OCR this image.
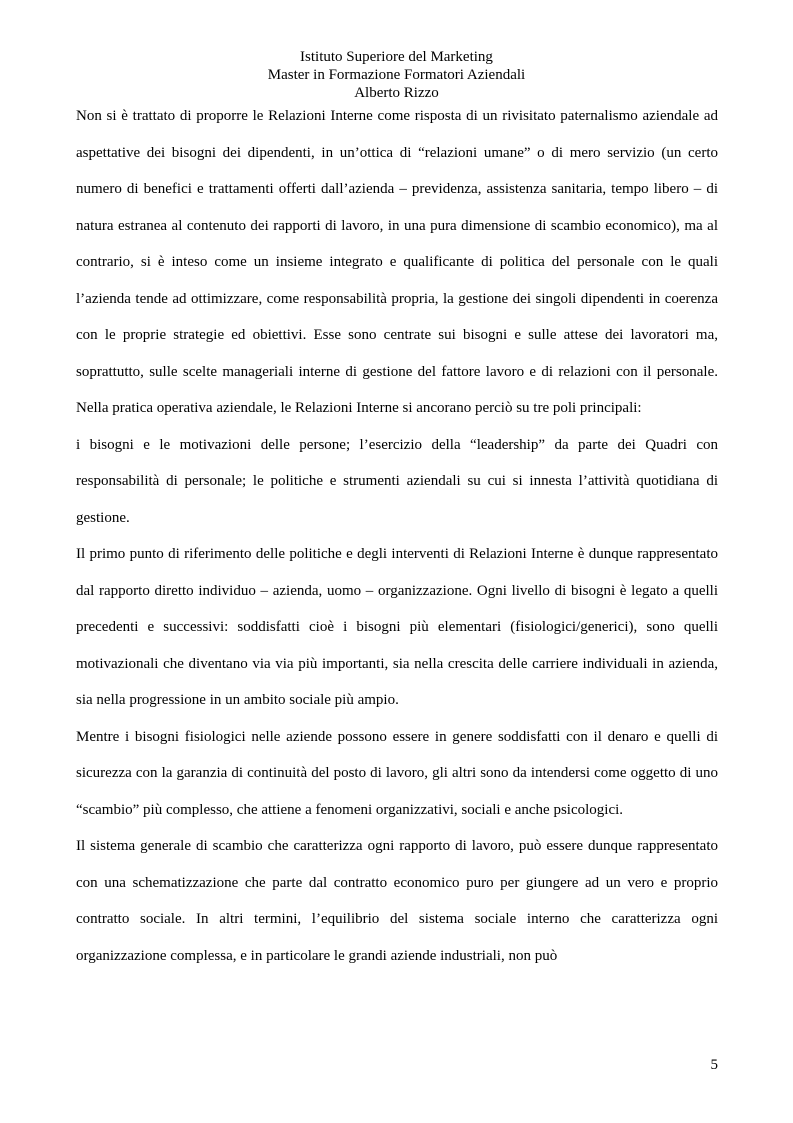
Istituto Superiore del Marketing
Master in Formazione Formatori Aziendali
Alberto Rizzo

Non si è trattato di proporre le Relazioni Interne come risposta di un rivisitato paternalismo aziendale ad aspettative dei bisogni dei dipendenti, in un’ottica di “relazioni umane” o di mero servizio (un certo numero di benefici e trattamenti offerti dall’azienda – previdenza, assistenza sanitaria, tempo libero – di natura estranea al contenuto dei rapporti di lavoro, in una pura dimensione di scambio economico), ma al contrario, si è inteso come un insieme integrato e qualificante di politica del personale con le quali l’azienda tende ad ottimizzare, come responsabilità propria, la gestione dei singoli dipendenti in coerenza con le proprie strategie ed obiettivi. Esse sono centrate sui bisogni e sulle attese dei lavoratori ma, soprattutto, sulle scelte manageriali interne di gestione del fattore lavoro e di relazioni con il personale. Nella pratica operativa aziendale, le Relazioni Interne si ancorano perciò su tre poli principali:

i bisogni e le motivazioni delle persone; l’esercizio della “leadership” da parte dei Quadri con responsabilità di personale; le politiche e strumenti aziendali su cui si innesta l’attività quotidiana di gestione.

Il primo punto di riferimento delle politiche e degli interventi di Relazioni Interne è dunque rappresentato dal rapporto diretto individuo – azienda, uomo – organizzazione. Ogni livello di bisogni è legato a quelli precedenti e successivi: soddisfatti cioè i bisogni più elementari (fisiologici/generici), sono quelli motivazionali che diventano via via più importanti, sia nella crescita delle carriere individuali in azienda, sia nella progressione in un ambito sociale più ampio.

Mentre i bisogni fisiologici nelle aziende possono essere in genere soddisfatti con il denaro e quelli di sicurezza con la garanzia di continuità del posto di lavoro, gli altri sono da intendersi come oggetto di uno “scambio” più complesso, che attiene a fenomeni organizzativi, sociali e anche psicologici.

Il sistema generale di scambio che caratterizza ogni rapporto di lavoro, può essere dunque rappresentato con una schematizzazione che parte dal contratto economico puro per giungere ad un vero e proprio contratto sociale. In altri termini, l’equilibrio del sistema sociale interno che caratterizza ogni organizzazione complessa, e in particolare le grandi aziende industriali, non può

5
